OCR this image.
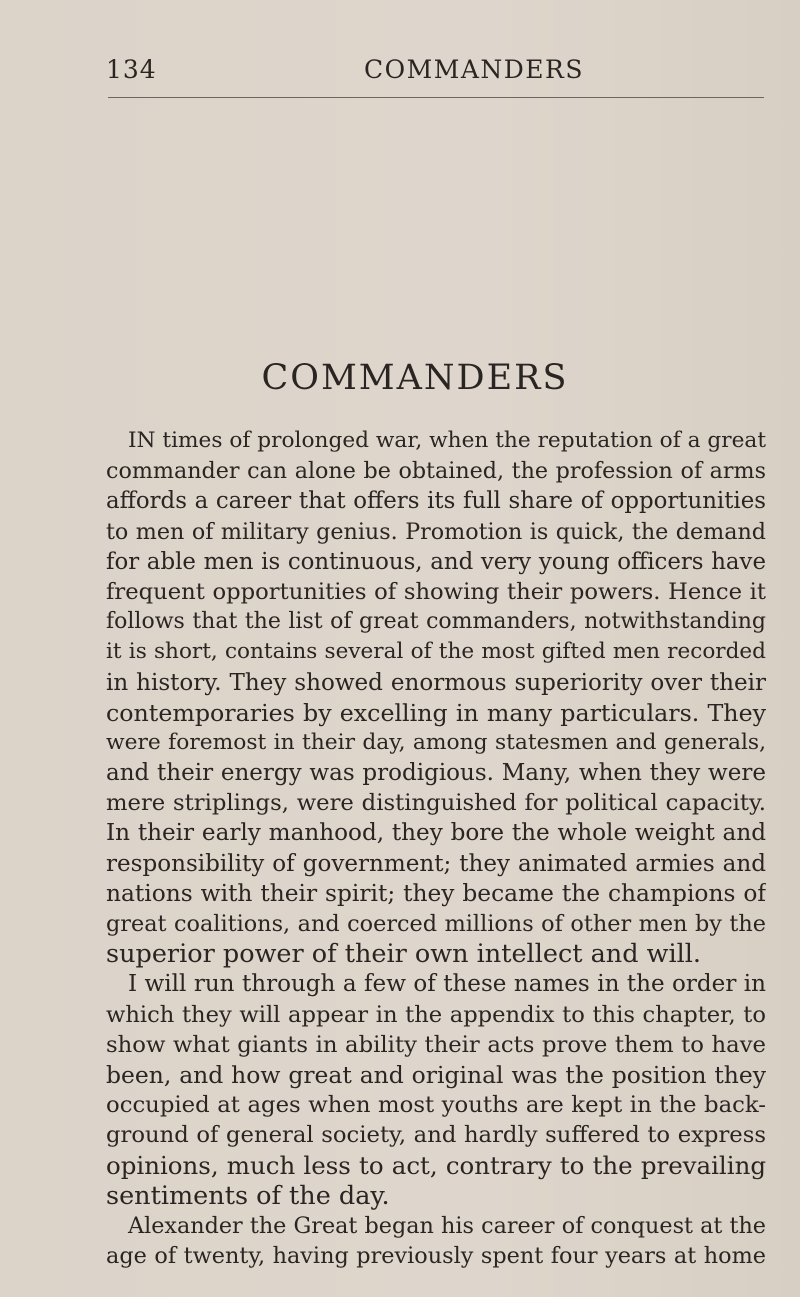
134	COMMANDERS
COMMANDERS
IN times of prolonged war, when the reputation of a great
commander can alone be obtained, the profession of arms
affords a career that offers its full share of opportunities
to men of military genius. Promotion is quick, the demand
for able men is continuous, and very young officers have
frequent opportunities of showing their powers. Hence it
follows that the list of great commanders, notwithstanding
it is short, contains several of the most gifted men recorded
in history. They showed enormous superiority over their
contemporaries by excelling in many particulars. They
were foremost in their day, among statesmen and generals,
and their energy was prodigious. Many, when they were
mere striplings, were distinguished for political capacity.
In their early manhood, they bore the whole weight and
responsibility of government; they animated armies and
nations with their spirit; they became the champions of
great coalitions, and coerced millions of other men by the
superior power of their own intellect and will.
I will run through a few of these names in the order in
which they will appear in the appendix to this chapter, to
show what giants in ability their acts prove them to have
been, and how great and original was the position they
occupied at ages when most youths are kept in the back-
ground of general society, and hardly suffered to express
opinions, much less to act, contrary to the prevailing
sentiments of the day.
Alexander the Great began his career of conquest at the
age of twenty, having previously spent four years at home
